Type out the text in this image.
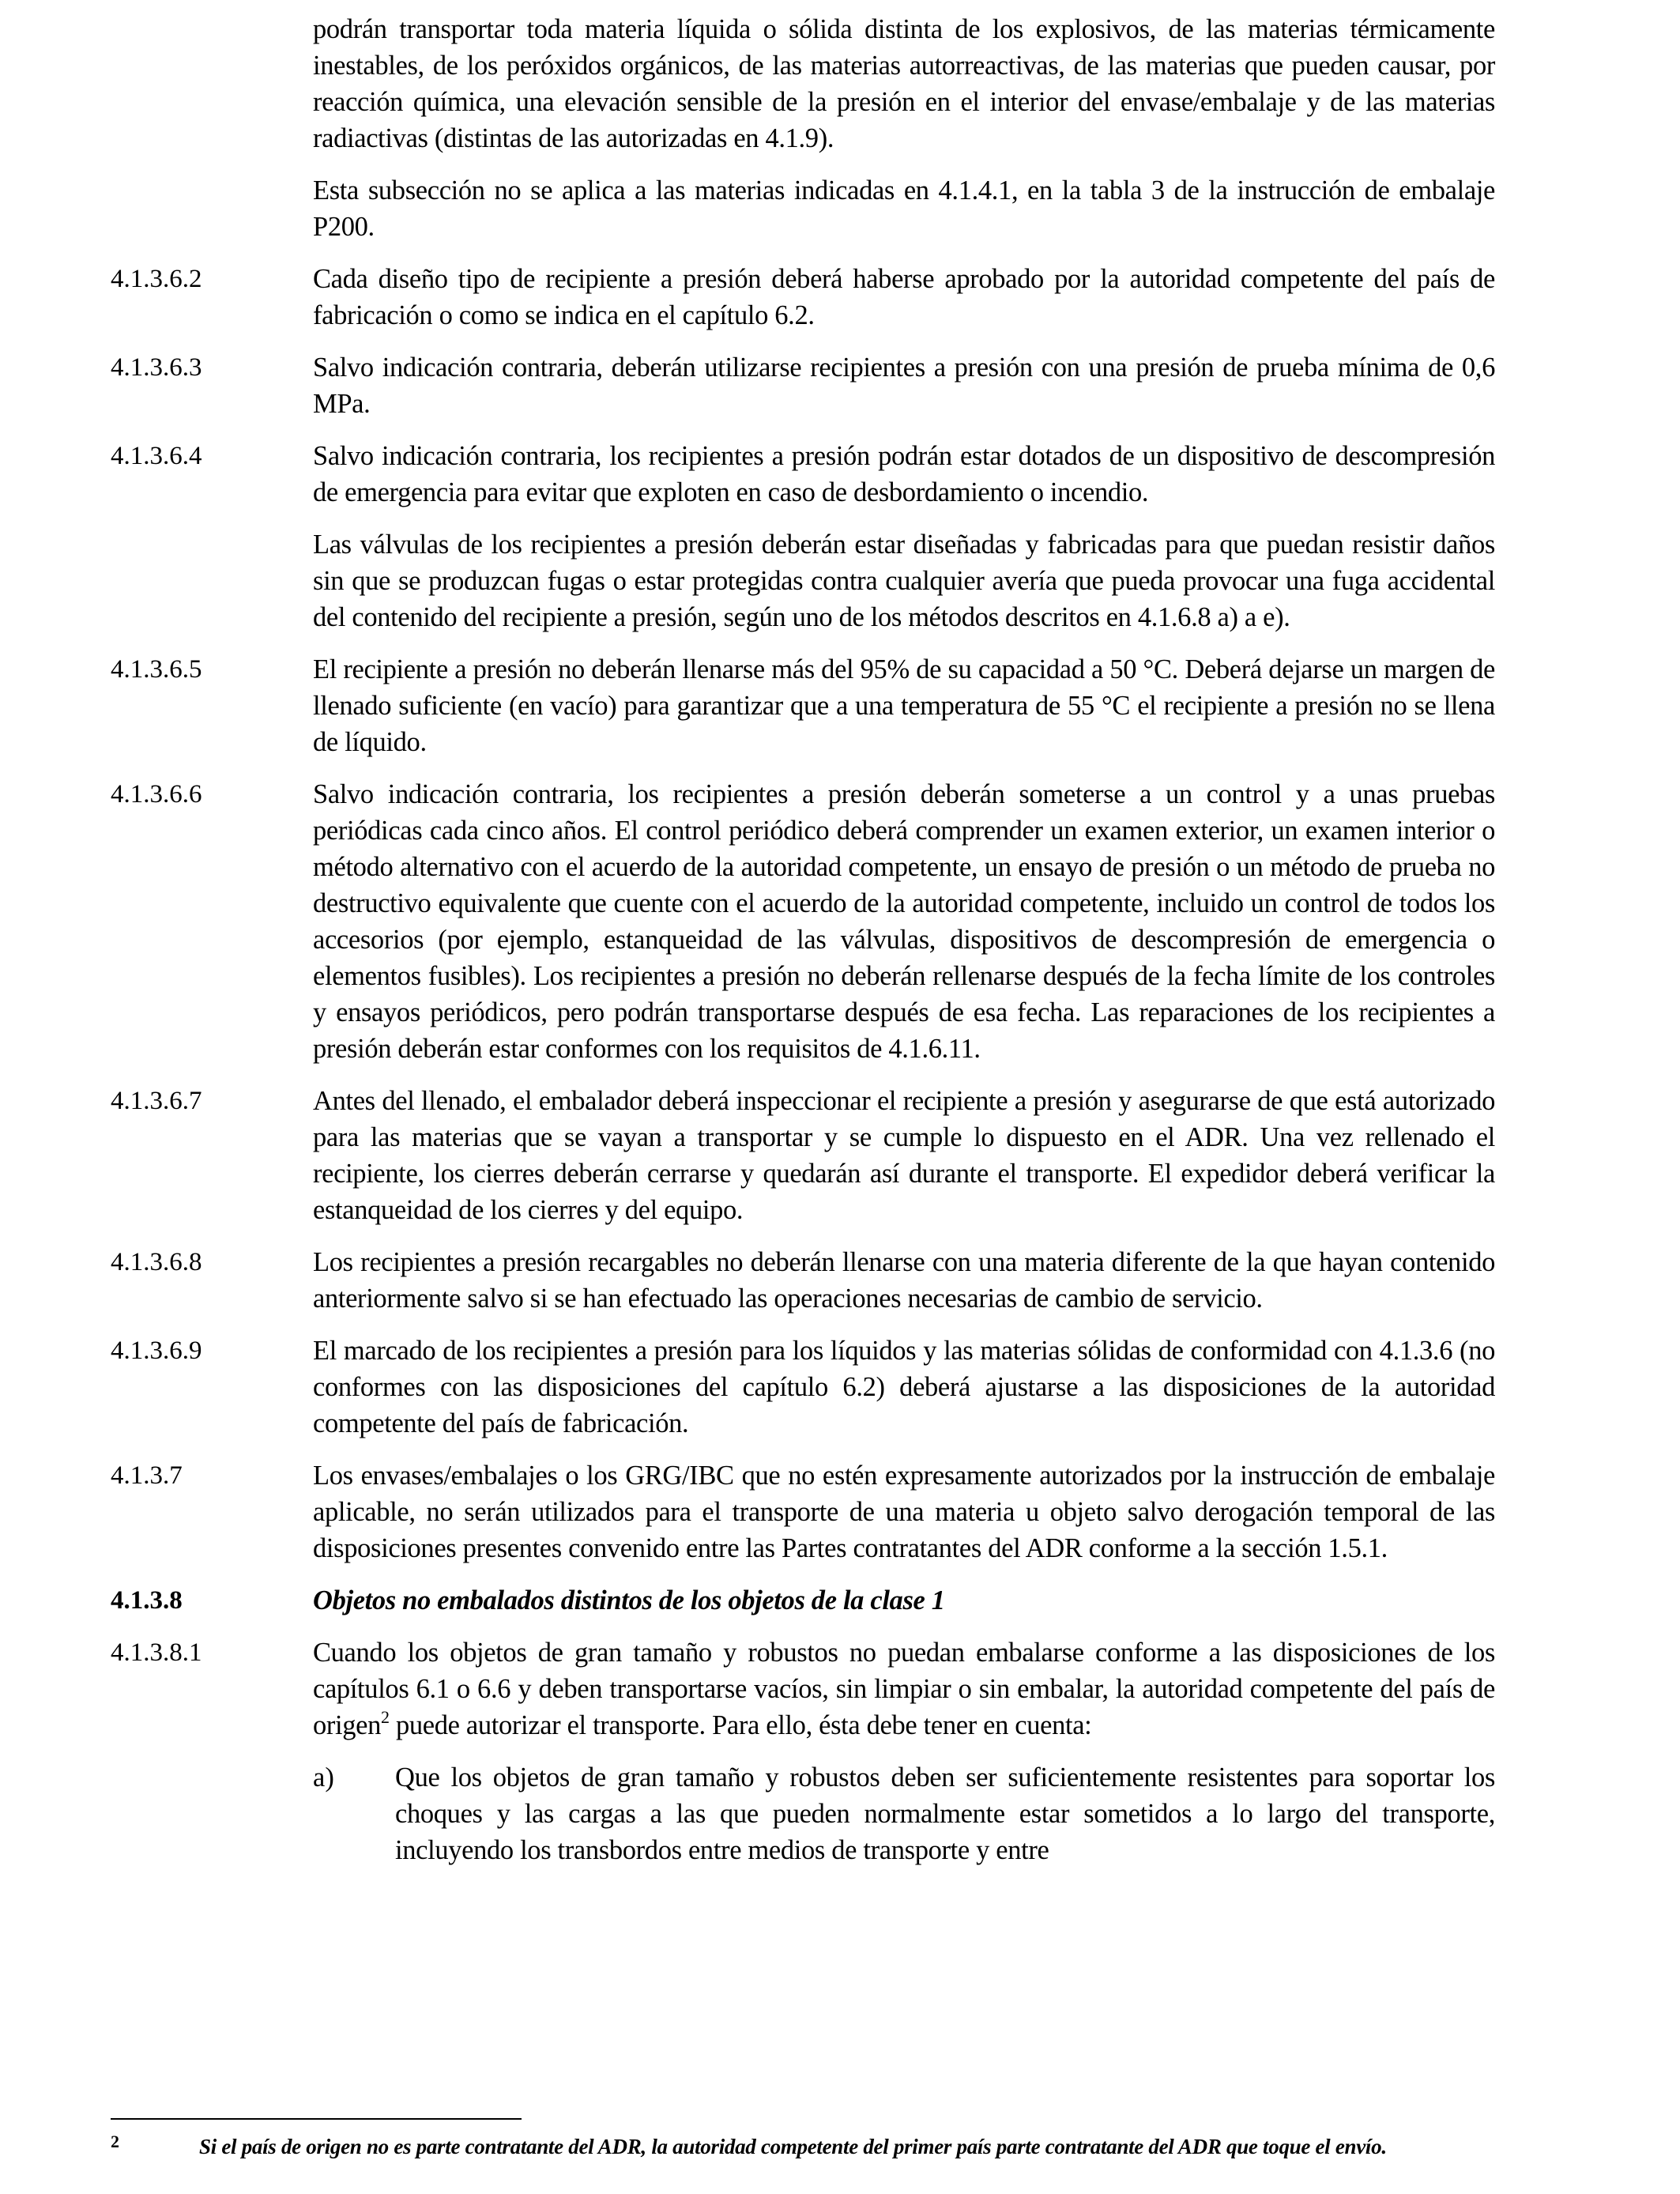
podrán transportar toda materia líquida o sólida distinta de los explosivos, de las materias térmicamente inestables, de los peróxidos orgánicos, de las materias autorreactivas, de las materias que pueden causar, por reacción química, una elevación sensible de la presión en el interior del envase/embalaje y de las materias radiactivas (distintas de las autorizadas en 4.1.9).

Esta subsección no se aplica a las materias indicadas en 4.1.4.1, en la tabla 3 de la instrucción de embalaje P200.

4.1.3.6.2	Cada diseño tipo de recipiente a presión deberá haberse aprobado por la autoridad competente del país de fabricación o como se indica en el capítulo 6.2.

4.1.3.6.3	Salvo indicación contraria, deberán utilizarse recipientes a presión con una presión de prueba mínima de 0,6 MPa.

4.1.3.6.4	Salvo indicación contraria, los recipientes a presión podrán estar dotados de un dispositivo de descompresión de emergencia para evitar que exploten en caso de desbordamiento o incendio.

Las válvulas de los recipientes a presión deberán estar diseñadas y fabricadas para que puedan resistir daños sin que se produzcan fugas o estar protegidas contra cualquier avería que pueda provocar una fuga accidental del contenido del recipiente a presión, según uno de los métodos descritos en 4.1.6.8 a) a e).

4.1.3.6.5	El recipiente a presión no deberán llenarse más del 95% de su capacidad a 50 °C. Deberá dejarse un margen de llenado suficiente (en vacío) para garantizar que a una temperatura de 55 °C el recipiente a presión no se llena de líquido.

4.1.3.6.6	Salvo indicación contraria, los recipientes a presión deberán someterse a un control y a unas pruebas periódicas cada cinco años. El control periódico deberá comprender un examen exterior, un examen interior o método alternativo con el acuerdo de la autoridad competente, un ensayo de presión o un método de prueba no destructivo equivalente que cuente con el acuerdo de la autoridad competente, incluido un control de todos los accesorios (por ejemplo, estanqueidad de las válvulas, dispositivos de descompresión de emergencia o elementos fusibles). Los recipientes a presión no deberán rellenarse después de la fecha límite de los controles y ensayos periódicos, pero podrán transportarse después de esa fecha. Las reparaciones de los recipientes a presión deberán estar conformes con los requisitos de 4.1.6.11.

4.1.3.6.7	Antes del llenado, el embalador deberá inspeccionar el recipiente a presión y asegurarse de que está autorizado para las materias que se vayan a transportar y se cumple lo dispuesto en el ADR. Una vez rellenado el recipiente, los cierres deberán cerrarse y quedarán así durante el transporte. El expedidor deberá verificar la estanqueidad de los cierres y del equipo.

4.1.3.6.8	Los recipientes a presión recargables no deberán llenarse con una materia diferente de la que hayan contenido anteriormente salvo si se han efectuado las operaciones necesarias de cambio de servicio.

4.1.3.6.9	El marcado de los recipientes a presión para los líquidos y las materias sólidas de conformidad con 4.1.3.6 (no conformes con las disposiciones del capítulo 6.2) deberá ajustarse a las disposiciones de la autoridad competente del país de fabricación.

4.1.3.7	Los envases/embalajes o los GRG/IBC que no estén expresamente autorizados por la instrucción de embalaje aplicable, no serán utilizados para el transporte de una materia u objeto salvo derogación temporal de las disposiciones presentes convenido entre las Partes contratantes del ADR conforme a la sección 1.5.1.

4.1.3.8	Objetos no embalados distintos de los objetos de la clase 1

4.1.3.8.1	Cuando los objetos de gran tamaño y robustos no puedan embalarse conforme a las disposiciones de los capítulos 6.1 o 6.6 y deben transportarse vacíos, sin limpiar o sin embalar, la autoridad competente del país de origen$^2$ puede autorizar el transporte. Para ello, ésta debe tener en cuenta:

a)	Que los objetos de gran tamaño y robustos deben ser suficientemente resistentes para soportar los choques y las cargas a las que pueden normalmente estar sometidos a lo largo del transporte, incluyendo los transbordos entre medios de transporte y entre

2	Si el país de origen no es parte contratante del ADR, la autoridad competente del primer país parte contratante del ADR que toque el envío.
